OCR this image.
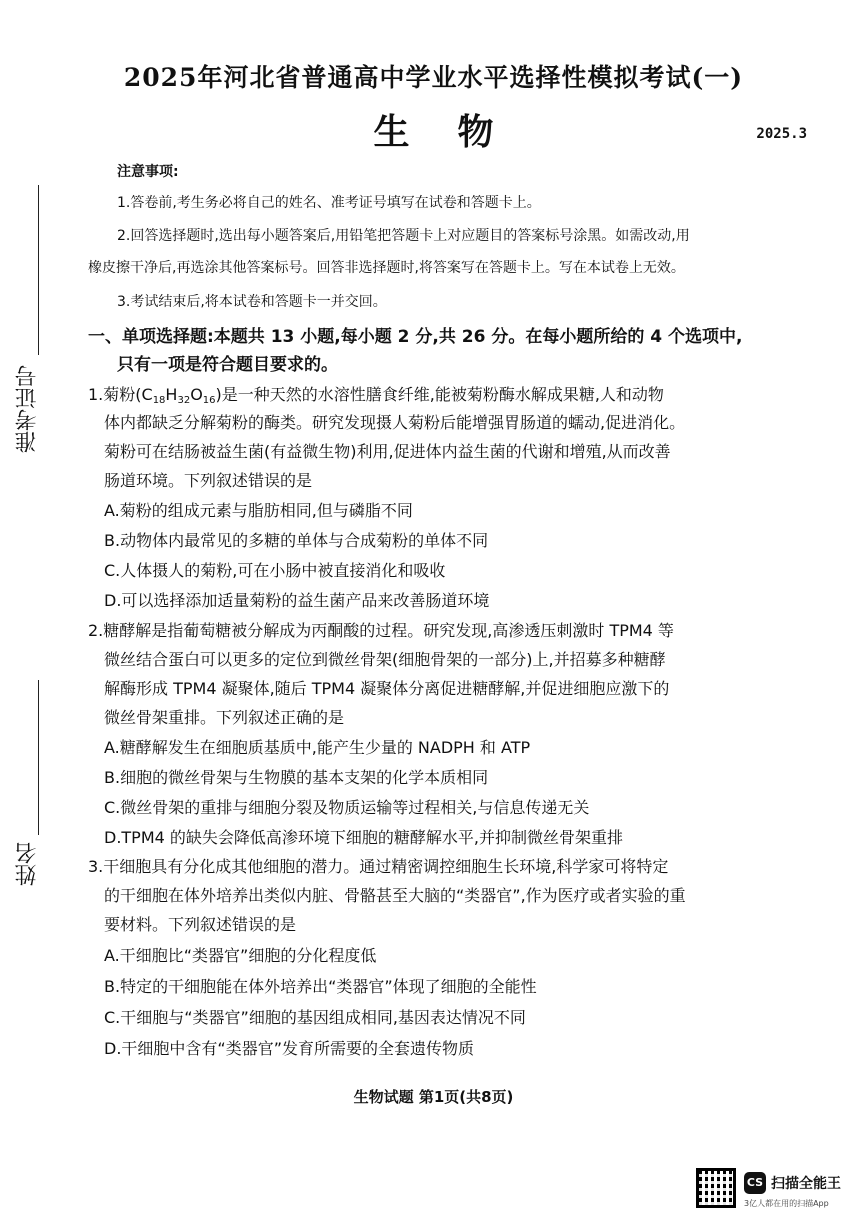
2025年河北省普通高中学业水平选择性模拟考试(一)
生物	2025.3
准考证号
姓名
注意事项:
1.答卷前,考生务必将自己的姓名、准考证号填写在试卷和答题卡上。
2.回答选择题时,选出每小题答案后,用铅笔把答题卡上对应题目的答案标号涂黑。如需改动,用
橡皮擦干净后,再选涂其他答案标号。回答非选择题时,将答案写在答题卡上。写在本试卷上无效。
3.考试结束后,将本试卷和答题卡一并交回。
一、单项选择题:本题共 13 小题,每小题 2 分,共 26 分。在每小题所给的 4 个选项中,
只有一项是符合题目要求的。
1.菊粉$(C_{18}H_{32}O_{16})$是一种天然的水溶性膳食纤维,能被菊粉酶水解成果糖,人和动物
体内都缺乏分解菊粉的酶类。研究发现摄人菊粉后能增强胃肠道的蠕动,促进消化。
菊粉可在结肠被益生菌(有益微生物)利用,促进体内益生菌的代谢和增殖,从而改善
肠道环境。下列叙述错误的是
A.菊粉的组成元素与脂肪相同,但与磷脂不同
B.动物体内最常见的多糖的单体与合成菊粉的单体不同
C.人体摄人的菊粉,可在小肠中被直接消化和吸收
D.可以选择添加适量菊粉的益生菌产品来改善肠道环境
2.糖酵解是指葡萄糖被分解成为丙酮酸的过程。研究发现,高渗透压刺激时 TPM4 等
微丝结合蛋白可以更多的定位到微丝骨架(细胞骨架的一部分)上,并招募多种糖酵
解酶形成 TPM4 凝聚体,随后 TPM4 凝聚体分离促进糖酵解,并促进细胞应激下的
微丝骨架重排。下列叙述正确的是
A.糖酵解发生在细胞质基质中,能产生少量的 NADPH 和 ATP
B.细胞的微丝骨架与生物膜的基本支架的化学本质相同
C.微丝骨架的重排与细胞分裂及物质运输等过程相关,与信息传递无关
D.TPM4 的缺失会降低高渗环境下细胞的糖酵解水平,并抑制微丝骨架重排
3.干细胞具有分化成其他细胞的潜力。通过精密调控细胞生长环境,科学家可将特定
的干细胞在体外培养出类似内脏、骨骼甚至大脑的“类器官”,作为医疗或者实验的重
要材料。下列叙述错误的是
A.干细胞比“类器官”细胞的分化程度低
B.特定的干细胞能在体外培养出“类器官”体现了细胞的全能性
C.干细胞与“类器官”细胞的基因组成相同,基因表达情况不同
D.干细胞中含有“类器官”发育所需要的全套遗传物质
生物试题 第1页(共8页)
CS 扫描全能王
3亿人都在用的扫描App
